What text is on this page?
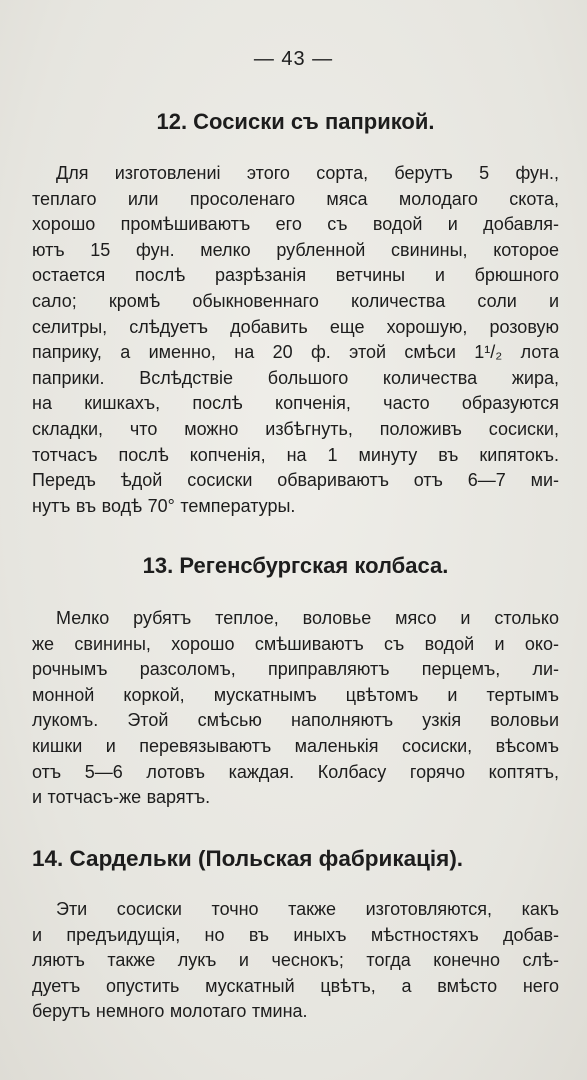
— 43 —
12. Сосиски съ паприкой.

Для изготовлениі этого сорта, берутъ 5 фун.,
теплаго или просоленаго мяса молодаго скота,
хорошо промѣшиваютъ его съ водой и добавля-
ютъ 15 фун. мелко рубленной свинины, которое
остается послѣ разрѣзанія ветчины и брюшного
сало; кромѣ обыкновеннаго количества соли и
селитры, слѣдуетъ добавить еще хорошую, розовую
паприку, а именно, на 20 ф. этой смѣси 1¹/₂ лота
паприки. Вслѣдствіе большого количества жира,
на кишкахъ, послѣ копченія, часто образуются
складки, что можно избѣгнуть, положивъ сосиски,
тотчасъ послѣ копченія, на 1 минуту въ кипятокъ.
Передъ ѣдой сосиски обвариваютъ отъ 6—7 ми-
нутъ въ водѣ 70° температуры.

13. Регенсбургская колбаса.

Мелко рубятъ теплое, воловье мясо и столько
же свинины, хорошо смѣшиваютъ съ водой и око-
рочнымъ разсоломъ, приправляютъ перцемъ, ли-
монной коркой, мускатнымъ цвѣтомъ и тертымъ
лукомъ. Этой смѣсью наполняютъ узкія воловьи
кишки и перевязываютъ маленькія сосиски, вѣсомъ
отъ 5—6 лотовъ каждая. Колбасу горячо коптятъ,
и тотчасъ-же варятъ.

14. Сардельки (Польская фабрикація).

Эти сосиски точно также изготовляются, какъ
и предъидущія, но въ иныхъ мѣстностяхъ добав-
ляютъ также лукъ и чеснокъ; тогда конечно слѣ-
дуетъ опустить мускатный цвѣтъ, а вмѣсто него
берутъ немного молотаго тмина.
